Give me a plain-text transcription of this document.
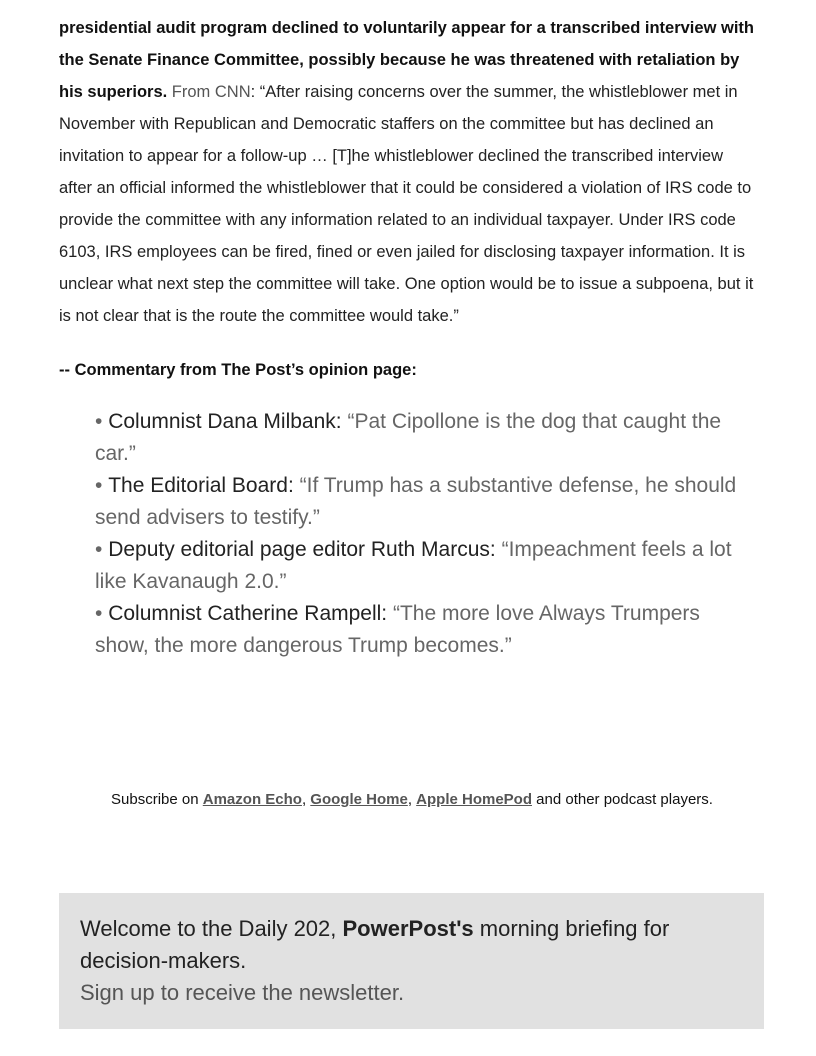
presidential audit program declined to voluntarily appear for a transcribed interview with the Senate Finance Committee, possibly because he was threatened with retaliation by his superiors. From CNN: “After raising concerns over the summer, the whistleblower met in November with Republican and Democratic staffers on the committee but has declined an invitation to appear for a follow-up … [T]he whistleblower declined the transcribed interview after an official informed the whistleblower that it could be considered a violation of IRS code to provide the committee with any information related to an individual taxpayer. Under IRS code 6103, IRS employees can be fired, fined or even jailed for disclosing taxpayer information. It is unclear what next step the committee will take. One option would be to issue a subpoena, but it is not clear that is the route the committee would take.”

-- Commentary from The Post’s opinion page:

• Columnist Dana Milbank: “Pat Cipollone is the dog that caught the car.”
• The Editorial Board: “If Trump has a substantive defense, he should send advisers to testify.”
• Deputy editorial page editor Ruth Marcus: “Impeachment feels a lot like Kavanaugh 2.0.”
• Columnist Catherine Rampell: “The more love Always Trumpers show, the more dangerous Trump becomes.”
Subscribe on Amazon Echo, Google Home, Apple HomePod and other podcast players.

Welcome to the Daily 202, PowerPost's morning briefing for decision-makers.

Sign up to receive the newsletter.
